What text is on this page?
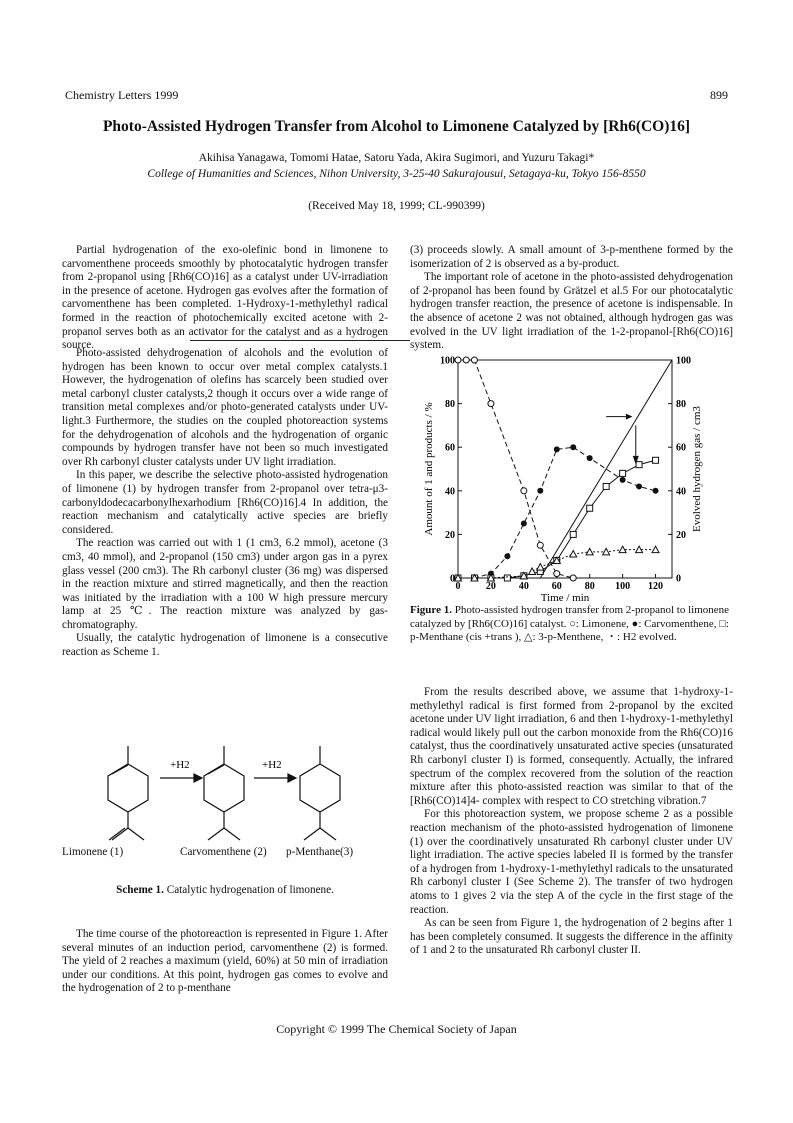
Chemistry Letters 1999	899
Photo-Assisted Hydrogen Transfer from Alcohol to Limonene Catalyzed by [Rh6(CO)16]
Akihisa Yanagawa, Tomomi Hatae, Satoru Yada, Akira Sugimori, and Yuzuru Takagi*
College of Humanities and Sciences, Nihon University, 3-25-40 Sakurajousui, Setagaya-ku, Tokyo 156-8550
(Received May 18, 1999; CL-990399)

Partial hydrogenation of the exo-olefinic bond in limonene to carvomenthene proceeds smoothly by photocatalytic hydrogen transfer from 2-propanol using [Rh6(CO)16] as a catalyst under UV-irradiation in the presence of acetone. Hydrogen gas evolves after the formation of carvomenthene has been completed. 1-Hydroxy-1-methylethyl radical formed in the reaction of photochemically excited acetone with 2-propanol serves both as an activator for the catalyst and as a hydrogen source.

Photo-assisted dehydrogenation of alcohols and the evolution of hydrogen has been known to occur over metal complex catalysts.1 However, the hydrogenation of olefins has scarcely been studied over metal carbonyl cluster catalysts,2 though it occurs over a wide range of transition metal complexes and/or photo-generated catalysts under UV-light.3 Furthermore, the studies on the coupled photoreaction systems for the dehydrogenation of alcohols and the hydrogenation of organic compounds by hydrogen transfer have not been so much investigated over Rh carbonyl cluster catalysts under UV light irradiation.

In this paper, we describe the selective photo-assisted hydrogenation of limonene (1) by hydrogen transfer from 2-propanol over tetra-μ3-carbonyldodecacarbonylhexarhodium [Rh6(CO)16].4 In addition, the reaction mechanism and catalytically active species are briefly considered.

The reaction was carried out with 1 (1 cm3, 6.2 mmol), acetone (3 cm3, 40 mmol), and 2-propanol (150 cm3) under argon gas in a pyrex glass vessel (200 cm3). The Rh carbonyl cluster (36 mg) was dispersed in the reaction mixture and stirred magnetically, and then the reaction was initiated by the irradiation with a 100 W high pressure mercury lamp at 25 ℃. The reaction mixture was analyzed by gas-chromatography.

Usually, the catalytic hydrogenation of limonene is a consecutive reaction as Scheme 1.

+H2	+H2
Limonene (1)	Carvomenthene (2) p-Menthane(3)
Scheme 1. Catalytic hydrogenation of limonene.

The time course of the photoreaction is represented in Figure 1. After several minutes of an induction period, carvomenthene (2) is formed. The yield of 2 reaches a maximum (yield, 60%) at 50 min of irradiation under our conditions. At this point, hydrogen gas comes to evolve and the hydrogenation of 2 to p-menthane

(3) proceeds slowly. A small amount of 3-p-menthene formed by the isomerization of 2 is observed as a by-product.

The important role of acetone in the photo-assisted dehydrogenation of 2-propanol has been found by Grätzel et al.5 For our photocatalytic hydrogen transfer reaction, the presence of acetone is indispensable. In the absence of acetone 2 was not obtained, although hydrogen gas was evolved in the UV light irradiation of the 1-2-propanol-[Rh6(CO)16] system.

0	20 40 60 80 100 120
0
20
40
60
80
100
0
20
40
60
80
100
Time / min
Amount of 1 and products / %	Evolved hydrogen gas / cm3
Figure 1. Photo-assisted hydrogen transfer from 2-propanol to limonene catalyzed by [Rh6(CO)16] catalyst. ○: Limonene, ●: Carvomenthene, □: p-Menthane (cis +trans ), △: 3-p-Menthene, ・: H2 evolved.

From the results described above, we assume that 1-hydroxy-1-methylethyl radical is first formed from 2-propanol by the excited acetone under UV light irradiation, 6 and then 1-hydroxy-1-methylethyl radical would likely pull out the carbon monoxide from the Rh6(CO)16 catalyst, thus the coordinatively unsaturated active species (unsaturated Rh carbonyl cluster I) is formed, consequently. Actually, the infrared spectrum of the complex recovered from the solution of the reaction mixture after this photo-assisted reaction was similar to that of the [Rh6(CO)14]4- complex with respect to CO stretching vibration.7

For this photoreaction system, we propose scheme 2 as a possible reaction mechanism of the photo-assisted hydrogenation of limonene (1) over the coordinatively unsaturated Rh carbonyl cluster under UV light irradiation. The active species labeled II is formed by the transfer of a hydrogen from 1-hydroxy-1-methylethyl radicals to the unsaturated Rh carbonyl cluster I (See Scheme 2). The transfer of two hydrogen atoms to 1 gives 2 via the step A of the cycle in the first stage of the reaction.

As can be seen from Figure 1, the hydrogenation of 2 begins after 1 has been completely consumed. It suggests the difference in the affinity of 1 and 2 to the unsaturated Rh carbonyl cluster II.

Copyright © 1999 The Chemical Society of Japan
